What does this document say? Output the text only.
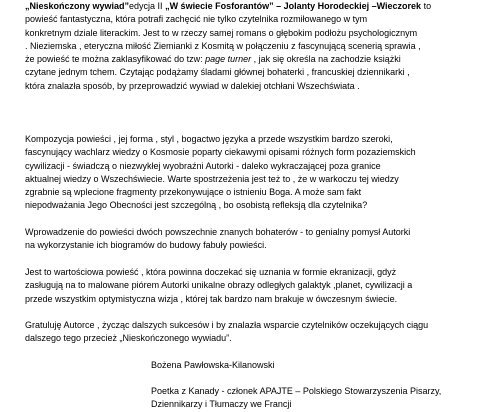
„Nieskończony wywiad”edycja II „W świecie Fosforantów” – Jolanty Horodeckiej –Wieczorek to
powieść fantastyczna, która potrafi zachęcić nie tylko czytelnika rozmiłowanego w tym
konkretnym dziale literackim. Jest to w rzeczy samej romans o głębokim podłożu psychologicznym
. Nieziemska , eteryczna miłość Ziemianki z Kosmitą w połączeniu z fascynującą scenerią sprawia ,
że powieść te można zaklasyfikować do tzw: page turner , jak się określa na zachodzie książki
czytane jednym tchem. Czytając podążamy śladami głównej bohaterki , francuskiej dziennikarki ,
która znalazła sposób, by przeprowadzić wywiad w dalekiej otchłani Wszechświata .
Kompozycja powieści , jej forma , styl , bogactwo języka a przede wszystkim bardzo szeroki,
fascynujący wachlarz wiedzy o Kosmosie poparty ciekawymi opisami różnych form pozaziemskich
cywilizacji - świadczą o niezwykłej wyobraźni Autorki - daleko wykraczającej poza granice
aktualnej wiedzy o Wszechświecie. Warte spostrzeżenia jest też to , że w warkoczu tej wiedzy
zgrabnie są wplecione fragmenty przekonywujące o istnieniu Boga. A może sam fakt
niepodważania Jego Obecności jest szczególną , bo osobistą refleksją dla czytelnika?
Wprowadzenie do powieści dwóch powszechnie znanych bohaterów - to genialny pomysł Autorki
na wykorzystanie ich biogramów do budowy fabuły powieści.
Jest to wartościowa powieść , która powinna doczekać się uznania w formie ekranizacji, gdyż
zasługują na to malowane piórem Autorki unikalne obrazy odległych galaktyk ,planet, cywilizacji a
przede wszystkim optymistyczna wizja , której tak bardzo nam brakuje w ówczesnym świecie.
Gratuluję Autorce , życząc dalszych sukcesów i by znalazła wsparcie czytelników oczekujących ciągu
dalszego tego przecież „Nieskończonego wywiadu”.
Bożena Pawłowska-Kilanowski
Poetka z Kanady - członek APAJTE – Polskiego Stowarzyszenia Pisarzy,
Dziennikarzy i Tłumaczy we Francji
